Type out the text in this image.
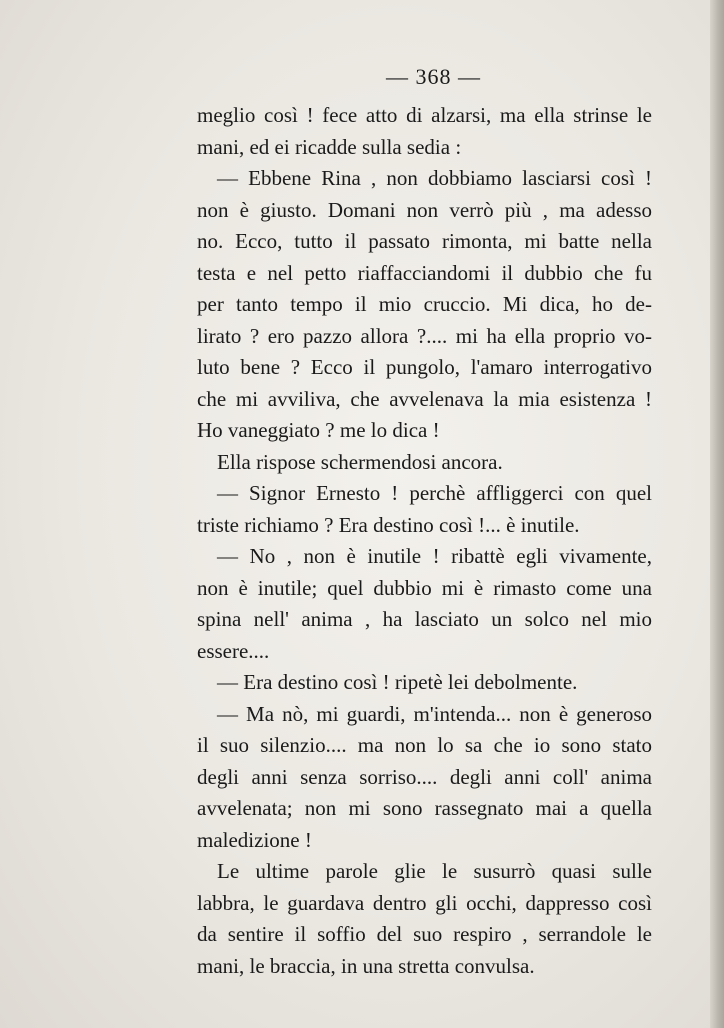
— 368 —
meglio così ! fece atto di alzarsi, ma ella strinse le
mani, ed ei ricadde sulla sedia :
— Ebbene Rina , non dobbiamo lasciarsi così !
non è giusto. Domani non verrò più , ma adesso
no. Ecco, tutto il passato rimonta, mi batte nella
testa e nel petto riaffacciandomi il dubbio che fu
per tanto tempo il mio cruccio. Mi dica, ho de-
lirato ? ero pazzo allora ?.... mi ha ella proprio vo-
luto bene ? Ecco il pungolo, l'amaro interrogativo
che mi avviliva, che avvelenava la mia esistenza !
Ho vaneggiato ? me lo dica !
Ella rispose schermendosi ancora.
— Signor Ernesto ! perchè affliggerci con quel
triste richiamo ? Era destino così !... è inutile.
— No , non è inutile ! ribattè egli vivamente,
non è inutile; quel dubbio mi è rimasto come una
spina nell' anima , ha lasciato un solco nel mio
essere....
— Era destino così ! ripetè lei debolmente.
— Ma nò, mi guardi, m'intenda... non è generoso
il suo silenzio.... ma non lo sa che io sono stato
degli anni senza sorriso.... degli anni coll' anima
avvelenata; non mi sono rassegnato mai a quella
maledizione !
Le ultime parole glie le susurrò quasi sulle
labbra, le guardava dentro gli occhi, dappresso così
da sentire il soffio del suo respiro , serrandole le
mani, le braccia, in una stretta convulsa.
